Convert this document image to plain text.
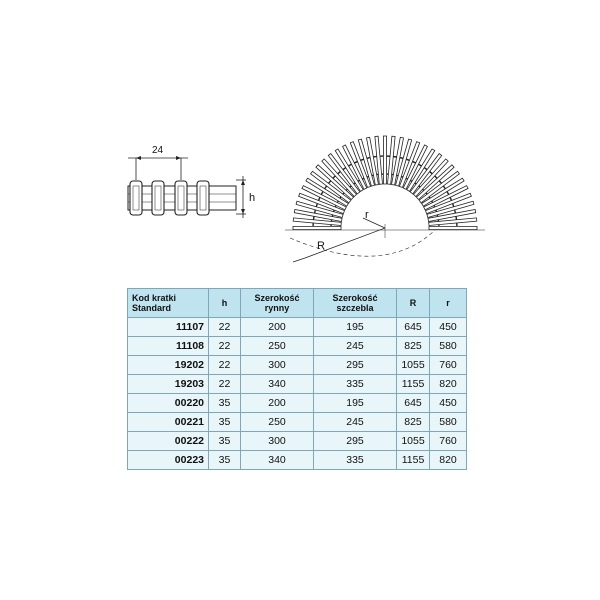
24
h
R
r
Kod kratki
Standard	h	Szerokość rynny	Szerokość szczebla	R	r
11107	22	200	195	645	450
11108	22	250	245	825	580
19202	22	300	295	1055	760
19203	22	340	335	1155	820
00220	35	200	195	645	450
00221	35	250	245	825	580
00222	35	300	295	1055	760
00223	35	340	335	1155	820
